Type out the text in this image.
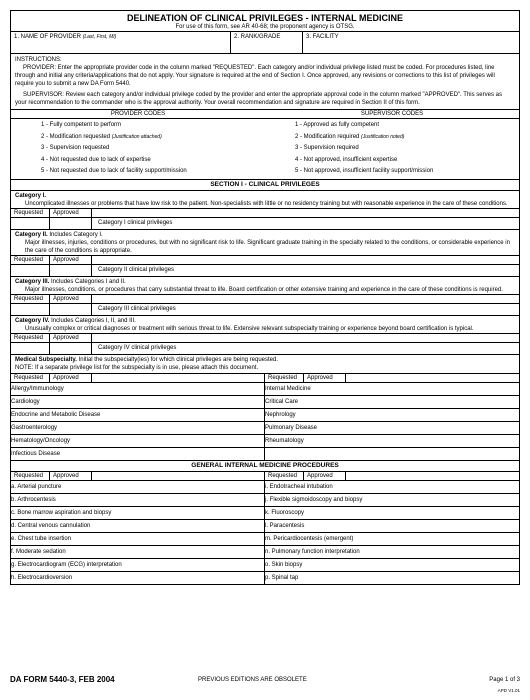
DELINEATION OF CLINICAL PRIVILEGES - INTERNAL MEDICINE
For use of this form, see AR 40-68; the proponent agency is OTSG.
1. NAME OF PROVIDER (Last, First, MI)	2. RANK/GRADE	3. FACILITY

INSTRUCTIONS:

PROVIDER: Enter the appropriate provider code in the column marked "REQUESTED". Each category and/or individual privilege listed must be coded. For procedures listed, line through and initial any criteria/applications that do not apply. Your signature is required at the end of Section I. Once approved, any revisions or corrections to this list of privileges will require you to submit a new DA Form 5440.

SUPERVISOR: Review each category and/or individual privilege coded by the provider and enter the appropriate approval code in the column marked "APPROVED". This serves as your recommendation to the commander who is the approval authority. Your overall recommendation and signature are required in Section II of this form.

PROVIDER CODES	SUPERVISOR CODES
1 - Fully competent to perform
2 - Modification requested (Justification attached)
3 - Supervision requested
4 - Not requested due to lack of expertise
5 - Not requested due to lack of facility support/mission
1 - Approved as fully competent
2 - Modification required (Justification noted)
3 - Supervision required
4 - Not approved, insufficient expertise
5 - Not approved, insufficient facility support/mission
SECTION I - CLINICAL PRIVILEGES
Category I.
Uncomplicated illnesses or problems that have low risk to the patient. Non-specialists with little or no residency training but with reasonable experience in the care of these conditions.
Requested	Approved
Category I clinical privileges
Category II. Includes Category I.
Major illnesses, injuries, conditions or procedures, but with no significant risk to life. Significant graduate training in the specialty related to the conditions, or considerable experience in the care of the conditions is appropriate.
Requested	Approved
Category II clinical privileges
Category III. Includes Categories I and II.
Major illnesses, conditions, or procedures that carry substantial threat to life. Board certification or other extensive training and experience in the care of these conditions is required.
Requested	Approved
Category III clinical privileges
Category IV. Includes Categories I, II, and III.
Unusually complex or critical diagnoses or treatment with serious threat to life. Extensive relevant subspecialty training or experience beyond board certification is typical.
Requested	Approved
Category IV clinical privileges
Medical Subspecialty. Initial the subspecialty(ies) for which clinical privileges are being requested.
NOTE: If a separate privilege list for the subspecialty is in use, please attach this document.
Requested	Approved	Requested	Approved
Allergy/Immunology	Internal Medicine
Cardiology	Critical Care
Endocrine and Metabolic Disease	Nephrology
Gastroenterology	Pulmonary Disease
Hematology/Oncology	Rheumatology
Infectious Disease
GENERAL INTERNAL MEDICINE PROCEDURES
Requested	Approved	Requested	Approved
a. Arterial puncture	i. Endotracheal intubation
b. Arthrocentesis	j. Flexible sigmoidoscopy and biopsy
c. Bone marrow aspiration and biopsy	k. Fluoroscopy
d. Central venous cannulation	l. Paracentesis
e. Chest tube insertion	m. Pericardiocentesis (emergent)
f. Moderate sedation	n. Pulmonary function interpretation
g. Electrocardiogram (ECG) interpretation	o. Skin biopsy
h. Electrocardioversion	p. Spinal tap
DA FORM 5440-3, FEB 2004	PREVIOUS EDITIONS ARE OBSOLETE	Page 1 of 3
APD V1.01
